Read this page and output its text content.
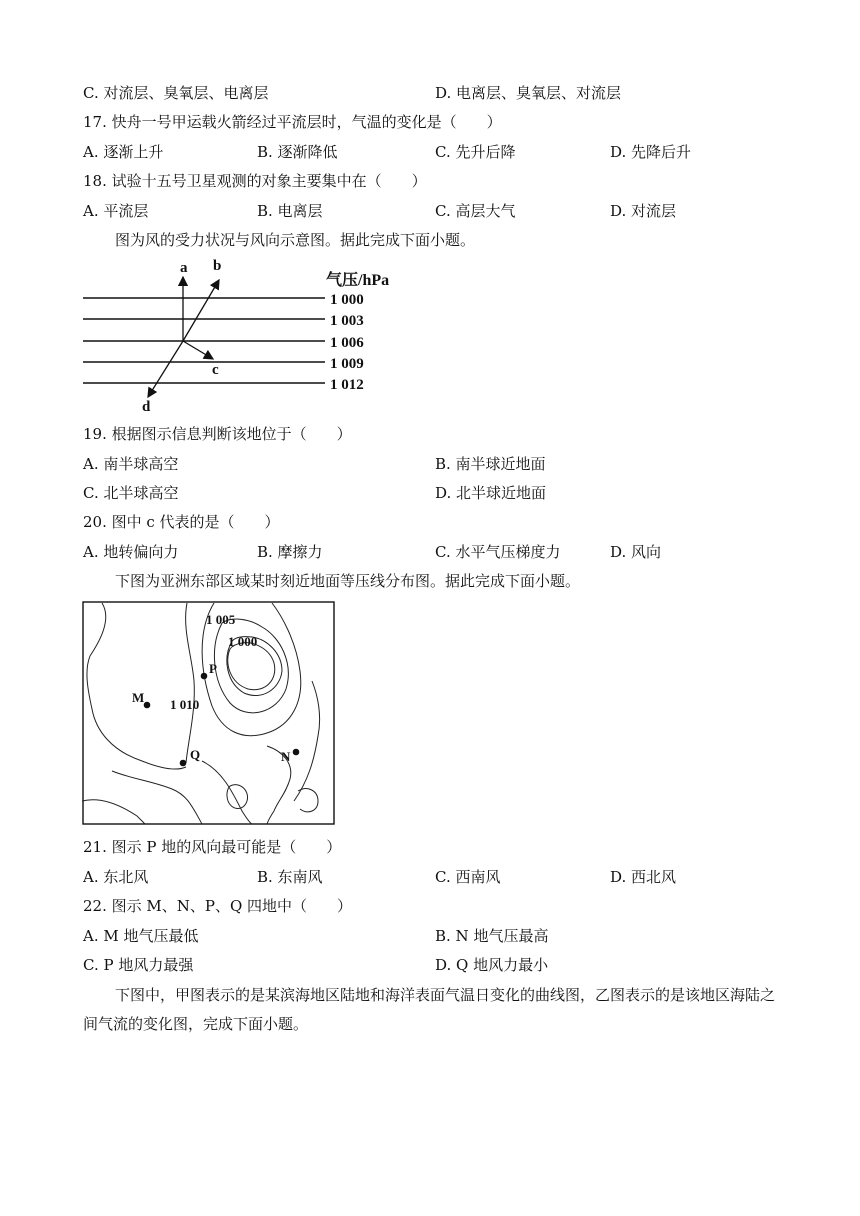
C. 对流层、臭氧层、电离层	D. 电离层、臭氧层、对流层
17. 快舟一号甲运载火箭经过平流层时，气温的变化是（　　）
A. 逐渐上升	B. 逐渐降低	C. 先升后降	D. 先降后升
18. 试验十五号卫星观测的对象主要集中在（　　）
A. 平流层	B. 电离层	C. 高层大气	D. 对流层
图为风的受力状况与风向示意图。据此完成下面小题。
a b
c
d
气压/hPa
1 000
1 003
1 006
1 009
1 012
19. 根据图示信息判断该地位于（　　）
A. 南半球高空	B. 南半球近地面
C. 北半球高空	D. 北半球近地面
20. 图中 c 代表的是（　　）
A. 地转偏向力	B. 摩擦力	C. 水平气压梯度力	D. 风向
下图为亚洲东部区域某时刻近地面等压线分布图。据此完成下面小题。
1 005
1 000
1 010
M
P
Q	N
21. 图示 P 地的风向最可能是（　　）
A. 东北风	B. 东南风	C. 西南风	D. 西北风
22. 图示 M、N、P、Q 四地中（　　）
A. M 地气压最低	B. N 地气压最高
C. P 地风力最强	D. Q 地风力最小
下图中，甲图表示的是某滨海地区陆地和海洋表面气温日变化的曲线图，乙图表示的是该地区海陆之
间气流的变化图，完成下面小题。
